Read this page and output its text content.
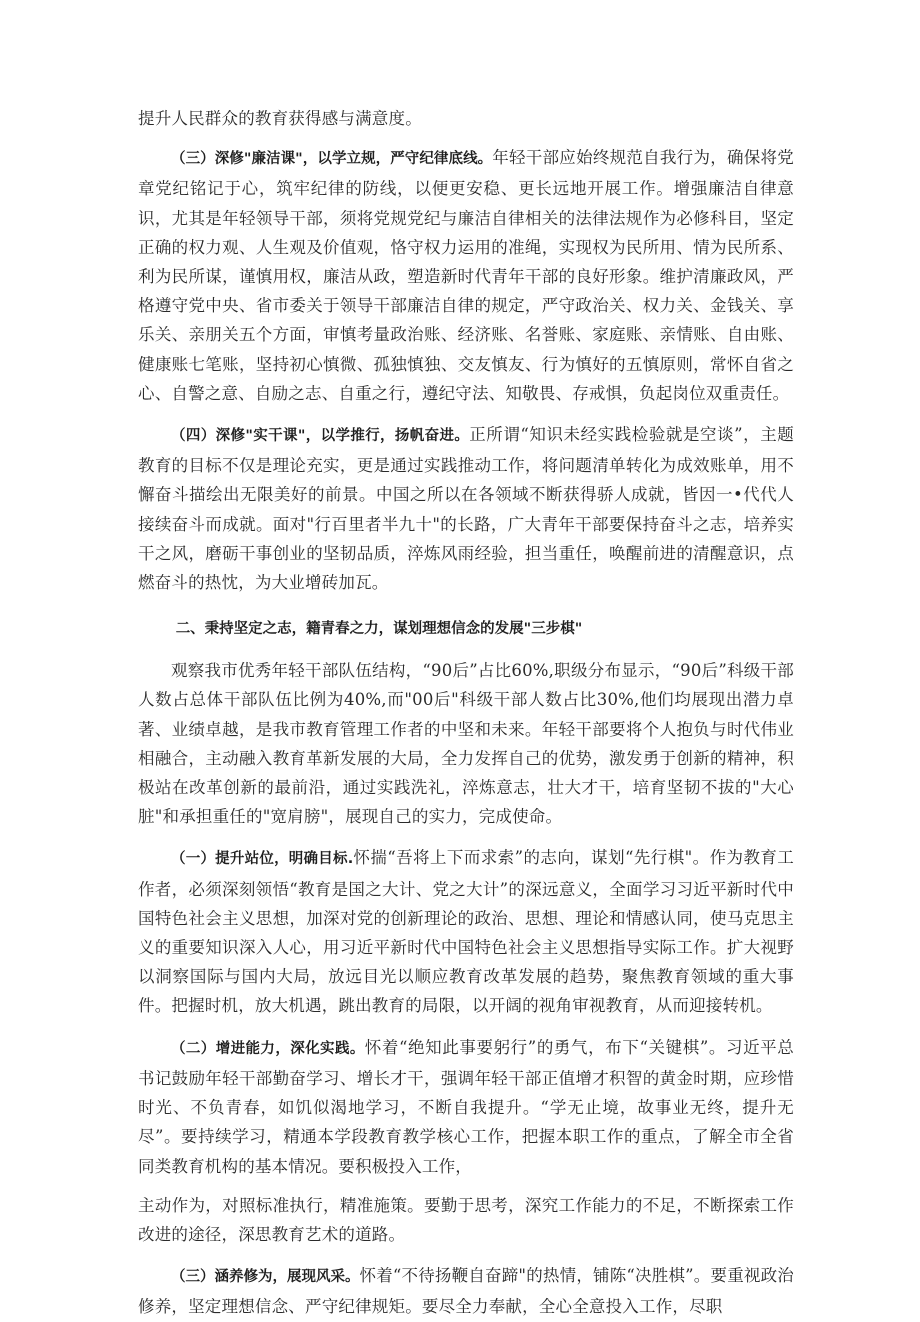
提升人民群众的教育获得感与满意度。

（三）深修"廉洁课"，以学立规，严守纪律底线。年轻干部应始终规范自我行为，确保将党章党纪铭记于心，筑牢纪律的防线，以便更安稳、更长远地开展工作。增强廉洁自律意识，尤其是年轻领导干部，须将党规党纪与廉洁自律相关的法律法规作为必修科目，坚定正确的权力观、人生观及价值观，恪守权力运用的准绳，实现权为民所用、情为民所系、利为民所谋，谨慎用权，廉洁从政，塑造新时代青年干部的良好形象。维护清廉政风，严格遵守党中央、省市委关于领导干部廉洁自律的规定，严守政治关、权力关、金钱关、享乐关、亲朋关五个方面，审慎考量政治账、经济账、名誉账、家庭账、亲情账、自由账、健康账七笔账，坚持初心慎微、孤独慎独、交友慎友、行为慎好的五慎原则，常怀自省之心、自警之意、自励之志、自重之行，遵纪守法、知敬畏、存戒惧，负起岗位双重责任。

（四）深修"实干课"，以学推行，扬帆奋进。正所谓“知识未经实践检验就是空谈”，主题教育的目标不仅是理论充实，更是通过实践推动工作，将问题清单转化为成效账单，用不懈奋斗描绘出无限美好的前景。中国之所以在各领域不断获得骄人成就，皆因一•代代人接续奋斗而成就。面对"行百里者半九十"的长路，广大青年干部要保持奋斗之志，培养实干之风，磨砺干事创业的坚韧品质，淬炼风雨经验，担当重任，唤醒前进的清醒意识，点燃奋斗的热忱，为大业增砖加瓦。

二、秉持坚定之志，籍青春之力，谋划理想信念的发展"三步棋"

观察我市优秀年轻干部队伍结构，“90后”占比60%,职级分布显示，“90后”科级干部人数占总体干部队伍比例为40%,而"00后"科级干部人数占比30%,他们均展现出潜力卓著、业绩卓越，是我市教育管理工作者的中坚和未来。年轻干部要将个人抱负与时代伟业相融合，主动融入教育革新发展的大局，全力发挥自己的优势，激发勇于创新的精神，积极站在改革创新的最前沿，通过实践洗礼，淬炼意志，壮大才干，培育坚韧不拔的"大心脏"和承担重任的"宽肩膀"，展现自己的实力，完成使命。

（一）提升站位，明确目标.怀揣“吾将上下而求索”的志向，谋划“先行棋"。作为教育工作者，必须深刻领悟“教育是国之大计、党之大计”的深远意义，全面学习习近平新时代中国特色社会主义思想，加深对党的创新理论的政治、思想、理论和情感认同，使马克思主义的重要知识深入人心，用习近平新时代中国特色社会主义思想指导实际工作。扩大视野以洞察国际与国内大局，放远目光以顺应教育改革发展的趋势，聚焦教育领域的重大事件。把握时机，放大机遇，跳出教育的局限，以开阔的视角审视教育，从而迎接转机。

（二）增进能力，深化实践。怀着“绝知此事要躬行”的勇气，布下“关键棋”。习近平总书记鼓励年轻干部勤奋学习、增长才干，强调年轻干部正值增才积智的黄金时期，应珍惜时光、不负青春，如饥似渴地学习，不断自我提升。“学无止境，故事业无终，提升无尽”。要持续学习，精通本学段教育教学核心工作，把握本职工作的重点，了解全市全省同类教育机构的基本情况。要积极投入工作，

主动作为，对照标准执行，精准施策。要勤于思考，深究工作能力的不足，不断探索工作改进的途径，深思教育艺术的道路。

（三）涵养修为，展现风采。怀着“不待扬鞭自奋蹄"的热情，铺陈“决胜棋”。要重视政治修养，坚定理想信念、严守纪律规矩。要尽全力奉献，全心全意投入工作，尽职
